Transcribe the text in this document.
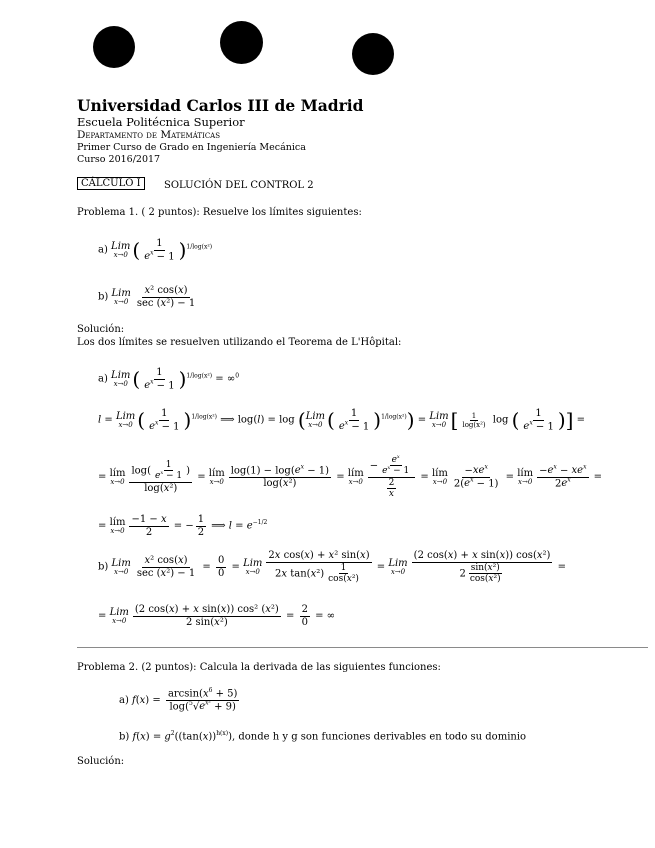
Universidad Carlos III de Madrid
Escuela Politécnica Superior
Departamento de Matemáticas
Primer Curso de Grado en Ingeniería Mecánica
Curso 2016/2017
CÁLCULO I	SOLUCIÓN DEL CONTROL 2
Problema 1. ( 2 puntos): Resuelve los límites siguientes:
a) Lim
x→0 ( $\frac{1}{e^x - 1} )^{1/log(x^2)}$
b) Lim
$x\to 0 \frac{\text{x² cos(x)}}{\text{sec (x²) − 1}}$
Solución:
Los dos límites se resuelven utilizando el Teorema de L'Hôpital:
a) Lim
x→0 ( $\frac{1}{e^x - 1} )^{1/log(x^2)} = \infty^0$
l = Lim
x→0 ( $\frac{1}{e^x - 1} )^{1/log(x^2)}$ ⟹ log(l) = log ( Lim
x→0 ( $\frac{1}{e^x - 1} )^{1/log(x^2)}$) = Lim
x→0 [ $\frac{1}{\text{log(x²)}}$ log ( $\frac{1}{e^x - 1}$ )] =
= lím
$x\to 0 \frac{\log( \frac{1}{e^x - 1} )}{\text{log(x²)}}$ = lím
$x\to 0 \frac{\log(1) - \log(e^x - 1)}{\text{log(x²)}}$ = lím
$x\to 0 \frac{- \frac{e^x}{e^x - 1}}{\frac{2}{x}}$ = lím
$x\to 0 \frac{-xe^x}{2(e^x - 1)}$ = lím
$x\to 0 \frac{-e^x - xe^x}{2e^x}$ =
= lím
$x\to 0 \frac{-1 - x}{2}$ = − $\frac{1}{2}$ ⟹ $l = e^{-1/2}$
b) Lim
$x\to 0 \frac{\text{x² cos(x)}}{\text{sec (x²) − 1}} = \frac{0}{0}$ = Lim
$x\to 0 \frac{\text{2x cos(x) + x² sin(x)}}{2x \tan(x^2) \frac{1}{\text{cos(x²)}}}$ = Lim
$x\to 0 \frac{\text{(2 cos(x) + x sin(x)) cos(x²)}}{2 \frac{\text{sin(x²)}}{\text{cos(x²)}}}$ =
= Lim
$x\to 0 \frac{\text{(2 cos(x) + x sin(x)) cos² (x²)}}{\text{2 sin(x²)}} = \frac{2}{0}$ = ∞
Problema 2. (2 puntos): Calcula la derivada de las siguientes funciones:
a) $f(x) = \frac{\arcsin(x^6 + 5)}{\log(^5√e^{x^2} + 9)}$
b) $f(x) = g^2((\tan(x))^{h(x)})$, donde h y g son funciones derivables en todo su dominio
Solución:
